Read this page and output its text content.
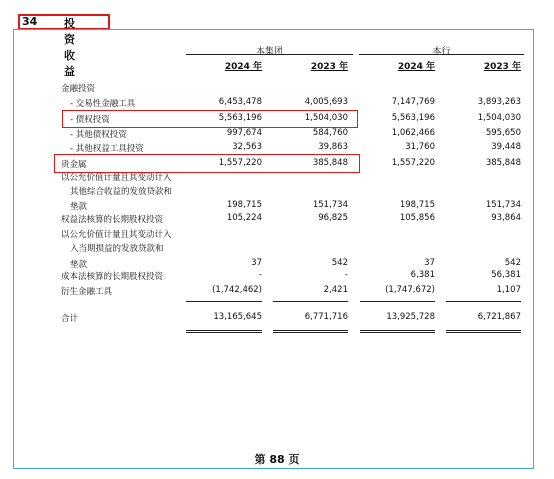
34 投资收益
本集团	本行
2024 年	2023 年	2024 年	2023 年
金融投资
- 交易性金融工具	6,453,478	4,005,693	7,147,769	3,893,263
- 债权投资	5,563,196	1,504,030	5,563,196	1,504,030
- 其他债权投资	997,674	584,760	1,062,466	595,650
- 其他权益工具投资	32,563	39,863	31,760	39,448
贵金属	1,557,220	385,848	1,557,220	385,848
以公允价值计量且其变动计入
其他综合收益的发放贷款和
垫款	198,715	151,734	198,715	151,734
权益法核算的长期股权投资	105,224	96,825	105,856	93,864
以公允价值计量且其变动计入
入当期损益的发放贷款和
垫款	37	542	37	542
成本法核算的长期股权投资	-	-	6,381	56,381
衍生金融工具	(1,742,462)	2,421	(1,747,672)	1,107
合计	13,165,645	6,771,716	13,925,728	6,721,867
第 88 页
